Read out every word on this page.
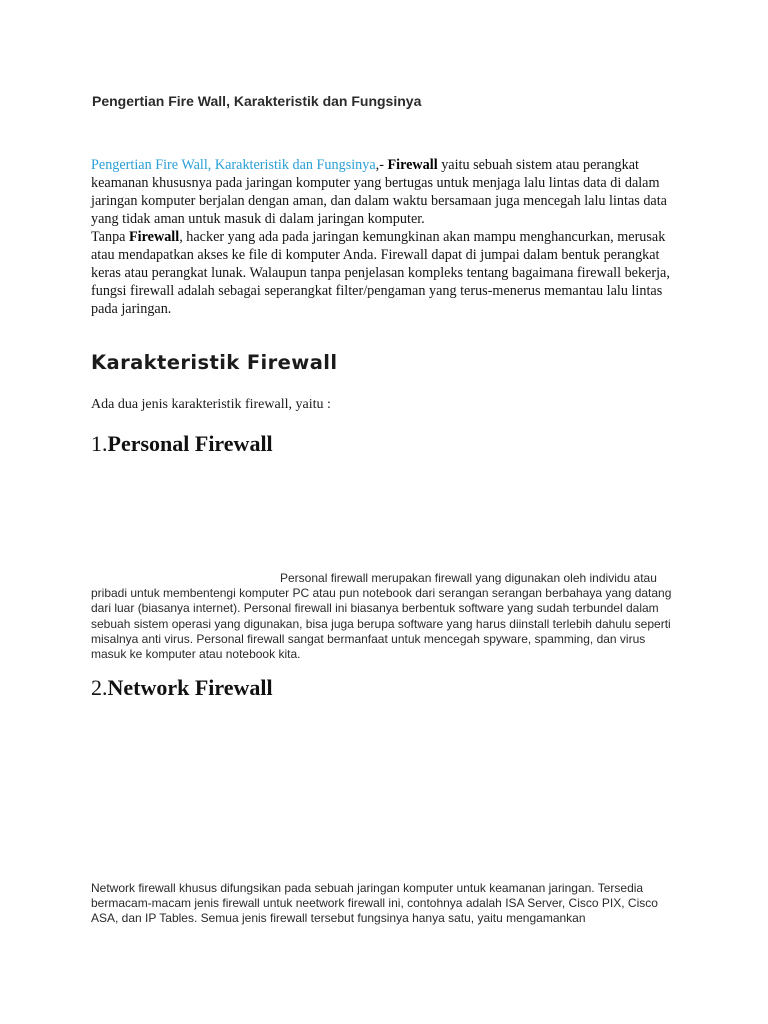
Pengertian Fire Wall, Karakteristik dan Fungsinya

Pengertian Fire Wall, Karakteristik dan Fungsinya,- Firewall yaitu sebuah sistem atau perangkat keamanan khususnya pada jaringan komputer yang bertugas untuk menjaga lalu lintas data di dalam jaringan komputer berjalan dengan aman, dan dalam waktu bersamaan juga mencegah lalu lintas data yang tidak aman untuk masuk di dalam jaringan komputer.
Tanpa Firewall, hacker yang ada pada jaringan kemungkinan akan mampu menghancurkan, merusak atau mendapatkan akses ke file di komputer Anda. Firewall dapat di jumpai dalam bentuk perangkat keras atau perangkat lunak. Walaupun tanpa penjelasan kompleks tentang bagaimana firewall bekerja, fungsi firewall adalah sebagai seperangkat filter/pengaman yang terus-menerus memantau lalu lintas pada jaringan.

Karakteristik Firewall

Ada dua jenis karakteristik firewall, yaitu :

1.Personal Firewall

Personal firewall merupakan firewall yang digunakan oleh individu atau pribadi untuk membentengi komputer PC atau pun notebook dari serangan serangan berbahaya yang datang dari luar (biasanya internet). Personal firewall ini biasanya berbentuk software yang sudah terbundel dalam sebuah sistem operasi yang digunakan, bisa juga berupa software yang harus diinstall terlebih dahulu seperti misalnya anti virus. Personal firewall sangat bermanfaat untuk mencegah spyware, spamming, dan virus masuk ke komputer atau notebook kita.

2.Network Firewall

Network firewall khusus difungsikan pada sebuah jaringan komputer untuk keamanan jaringan. Tersedia bermacam-macam jenis firewall untuk neetwork firewall ini, contohnya adalah ISA Server, Cisco PIX, Cisco ASA, dan IP Tables. Semua jenis firewall tersebut fungsinya hanya satu, yaitu mengamankan
